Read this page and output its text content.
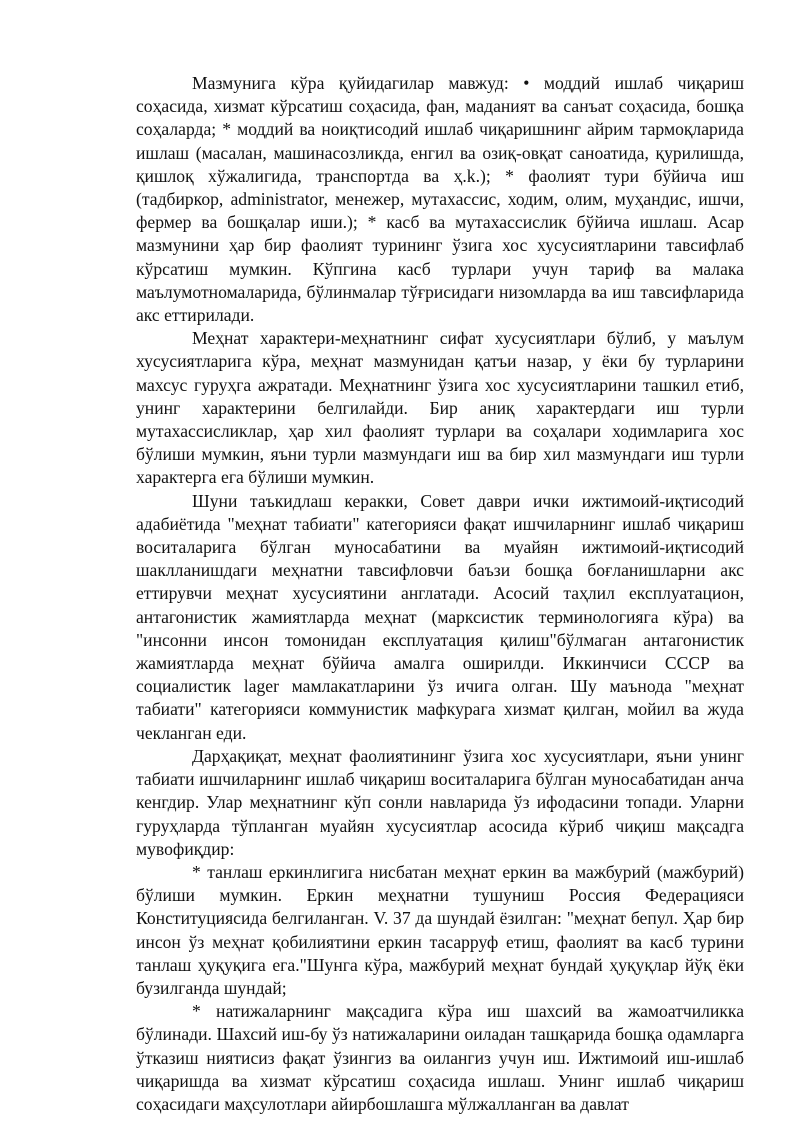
Мазмунига кўра қуйидагилар мавжуд: • моддий ишлаб чиқариш соҳасида, хизмат кўрсатиш соҳасида, фан, маданият ва санъат соҳасида, бошқа соҳаларда; * моддий ва ноиқтисодий ишлаб чиқаришнинг айрим тармоқларида ишлаш (масалан, машинасозликда, енгил ва озиқ-овқат саноатида, қурилишда, қишлоқ хўжалигида, транспортда ва ҳ.k.); * фаолият тури бўйича иш (тадбиркор, administrator, менежер, мутахассис, ходим, олим, муҳандис, ишчи, фермер ва бошқалар иши.); * касб ва мутахассислик бўйича ишлаш. Асар мазмунини ҳар бир фаолият турининг ўзига хос хусусиятларини тавсифлаб кўрсатиш мумкин. Кўпгина касб турлари учун тариф ва малака маълумотномаларида, бўлинмалар тўғрисидаги низомларда ва иш тавсифларида акс еттирилади.

Меҳнат характери-меҳнатнинг сифат хусусиятлари бўлиб, у маълум хусусиятларига кўра, меҳнат мазмунидан қатъи назар, у ёки бу турларини махсус гуруҳга ажратади. Меҳнатнинг ўзига хос хусусиятларини ташкил етиб, унинг характерини белгилайди. Бир аниқ характердаги иш турли мутахассисликлар, ҳар хил фаолият турлари ва соҳалари ходимларига хос бўлиши мумкин, яъни турли мазмундаги иш ва бир хил мазмундаги иш турли характерга ега бўлиши мумкин.

Шуни таъкидлаш керакки, Совет даври ички ижтимоий-иқтисодий адабиётида "меҳнат табиати" категорияси фақат ишчиларнинг ишлаб чиқариш воситаларига бўлган муносабатини ва муайян ижтимоий-иқтисодий шаклланишдаги меҳнатни тавсифловчи баъзи бошқа боғланишларни акс еттирувчи меҳнат хусусиятини англатади. Асосий таҳлил експлуатацион, антагонистик жамиятларда меҳнат (марксистик терминологияга кўра) ва "инсонни инсон томонидан експлуатация қилиш"бўлмаган антагонистик жамиятларда меҳнат бўйича амалга оширилди. Иккинчиси СССР ва социалистик lager мамлакатларини ўз ичига олган. Шу маънода "меҳнат табиати" категорияси коммунистик мафкурага хизмат қилган, мойил ва жуда чекланган еди.

Дарҳақиқат, меҳнат фаолиятининг ўзига хос хусусиятлари, яъни унинг табиати ишчиларнинг ишлаб чиқариш воситаларига бўлган муносабатидан анча кенгдир. Улар меҳнатнинг кўп сонли навларида ўз ифодасини топади. Уларни гуруҳларда тўпланган муайян хусусиятлар асосида кўриб чиқиш мақсадга мувофиқдир:

* танлаш еркинлигига нисбатан меҳнат еркин ва мажбурий (мажбурий) бўлиши мумкин. Еркин меҳнатни тушуниш Россия Федерацияси Конституциясида белгиланган. V. 37 да шундай ёзилган: "меҳнат бепул. Ҳар бир инсон ўз меҳнат қобилиятини еркин тасарруф етиш, фаолият ва касб турини танлаш ҳуқуқига ега."Шунга кўра, мажбурий меҳнат бундай ҳуқуқлар йўқ ёки бузилганда шундай;

* натижаларнинг мақсадига кўра иш шахсий ва жамоатчиликка бўлинади. Шахсий иш-бу ўз натижаларини оиладан ташқарида бошқа одамларга ўтказиш ниятисиз фақат ўзингиз ва оилангиз учун иш. Ижтимоий иш-ишлаб чиқаришда ва хизмат кўрсатиш соҳасида ишлаш. Унинг ишлаб чиқариш соҳасидаги маҳсулотлари айирбошлашга мўлжалланган ва давлат
